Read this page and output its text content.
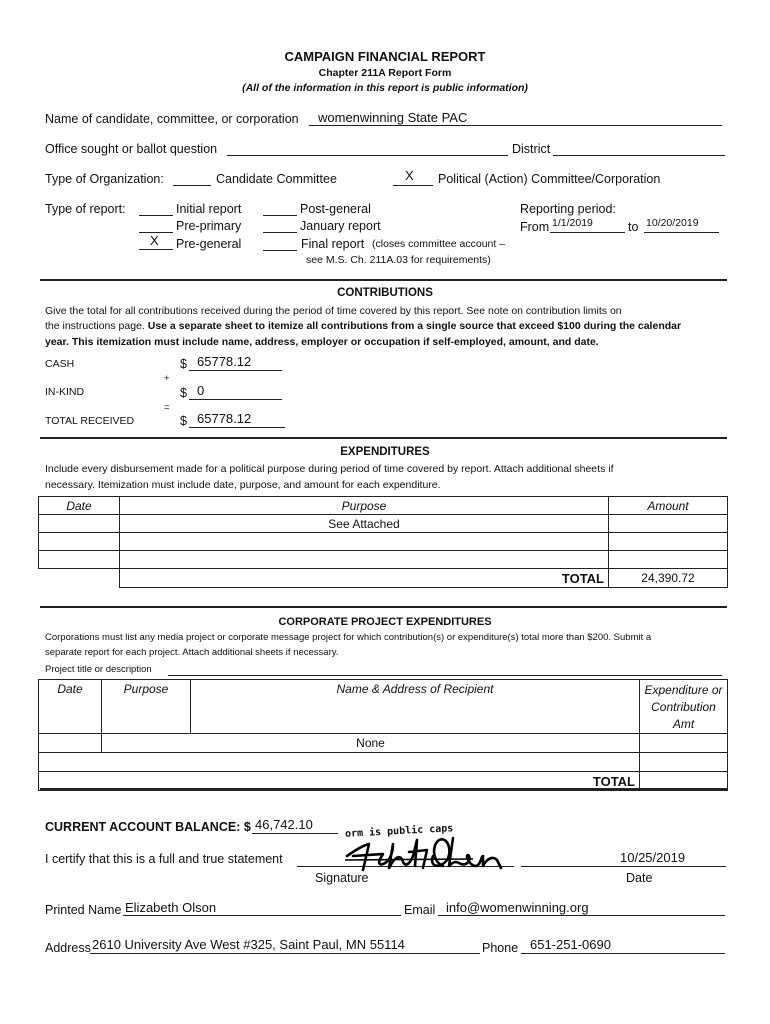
CAMPAIGN FINANCIAL REPORT
Chapter 211A Report Form
(All of the information in this report is public information)
Name of candidate, committee, or corporation womenwinning State PAC
Office sought or ballot question	District
Type of Organization:	Candidate Committee	X Political (Action) Committee/Corporation
Type of report:	Initial report
Pre-primary
X Pre-general
Post-general
January report
Final report (closes committee account –
see M.S. Ch. 211A.03 for requirements)
Reporting period:
From 1/1/2019	to 10/20/2019
CONTRIBUTIONS
Give the total for all contributions received during the period of time covered by this report. See note on contribution limits on
the instructions page. Use a separate sheet to itemize all contributions from a single source that exceed $100 during the calendar
year. This itemization must include name, address, employer or occupation if self-employed, amount, and date.
CASH	$ 65778.12
+
IN-KIND	$ 0
=
TOTAL RECEIVED	$ 65778.12
EXPENDITURES
Include every disbursement made for a political purpose during period of time covered by report. Attach additional sheets if
necessary. Itemization must include date, purpose, and amount for each expenditure.
Date	Purpose	Amount
	See Attached	

	TOTAL	24,390.72
CORPORATE PROJECT EXPENDITURES
Corporations must list any media project or corporate message project for which contribution(s) or expenditure(s) total more than $200. Submit a
separate report for each project. Attach additional sheets if necessary.
Project title or description
Date	Purpose	Name & Address of Recipient	Expenditure or
Contribution Amt
	None		

TOTAL			
CURRENT ACCOUNT BALANCE: $ 46,742.10	orm is public caps
I certify that this is a full and true statement	10/25/2019
Signature	Date
Printed Name Elizabeth Olson	Email info@womenwinning.org
Address 2610 University Ave West #325, Saint Paul, MN 55114	Phone 651-251-0690
